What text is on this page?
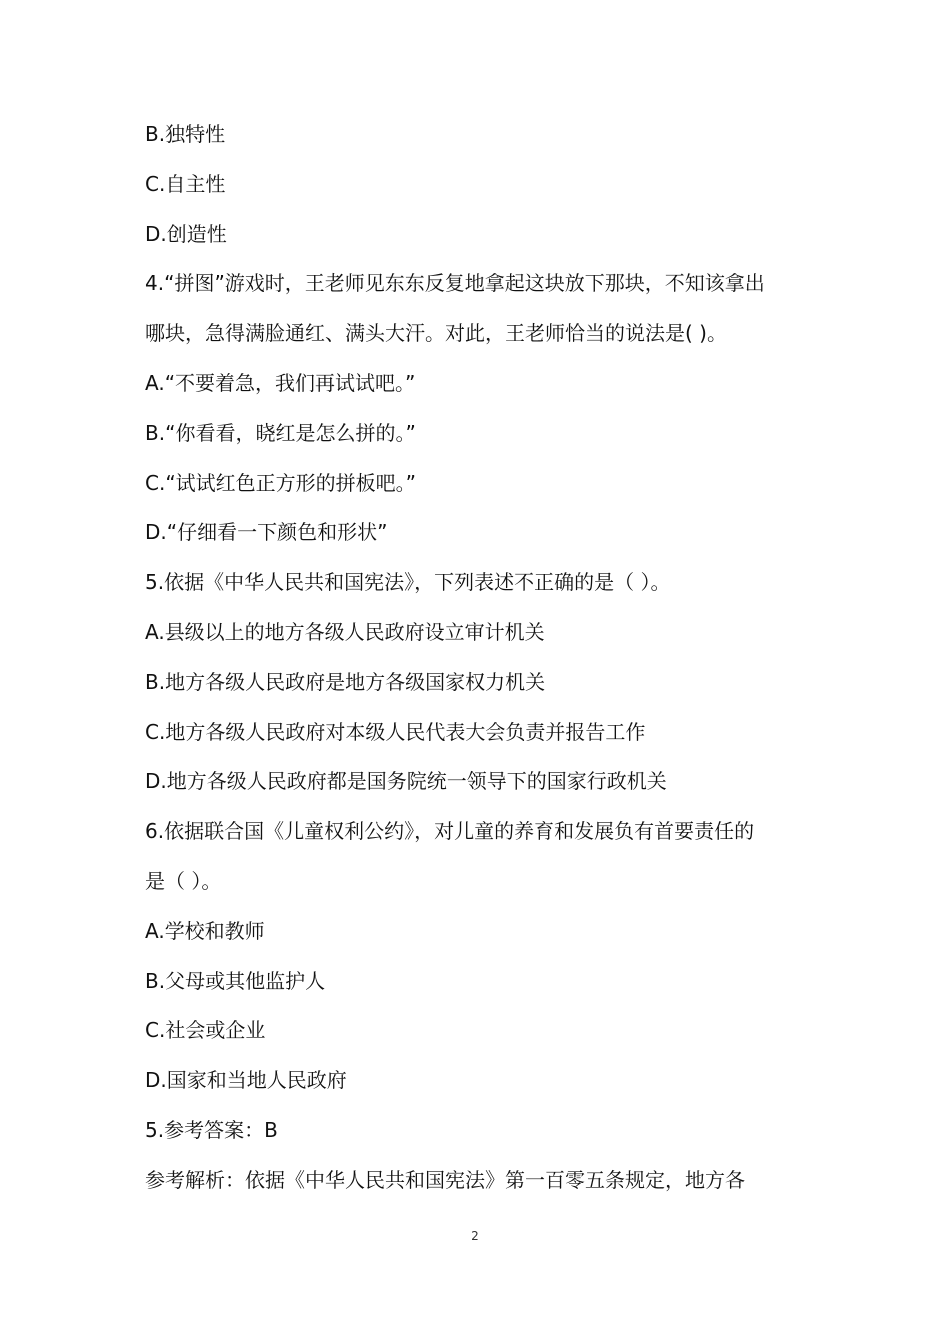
B.独特性
C.自主性
D.创造性
4.“拼图”游戏时，王老师见东东反复地拿起这块放下那块，不知该拿出
哪块，急得满脸通红、满头大汗。对此，王老师恰当的说法是( )。
A.“不要着急，我们再试试吧。”
B.“你看看，晓红是怎么拼的。”
C.“试试红色正方形的拼板吧。”
D.“仔细看一下颜色和形状”
5.依据《中华人民共和国宪法》，下列表述不正确的是（ ）。
A.县级以上的地方各级人民政府设立审计机关
B.地方各级人民政府是地方各级国家权力机关
C.地方各级人民政府对本级人民代表大会负责并报告工作
D.地方各级人民政府都是国务院统一领导下的国家行政机关
6.依据联合国《儿童权利公约》，对儿童的养育和发展负有首要责任的
是（ ）。
A.学校和教师
B.父母或其他监护人
C.社会或企业
D.国家和当地人民政府
5.参考答案：B
参考解析：依据《中华人民共和国宪法》第一百零五条规定，地方各
2
